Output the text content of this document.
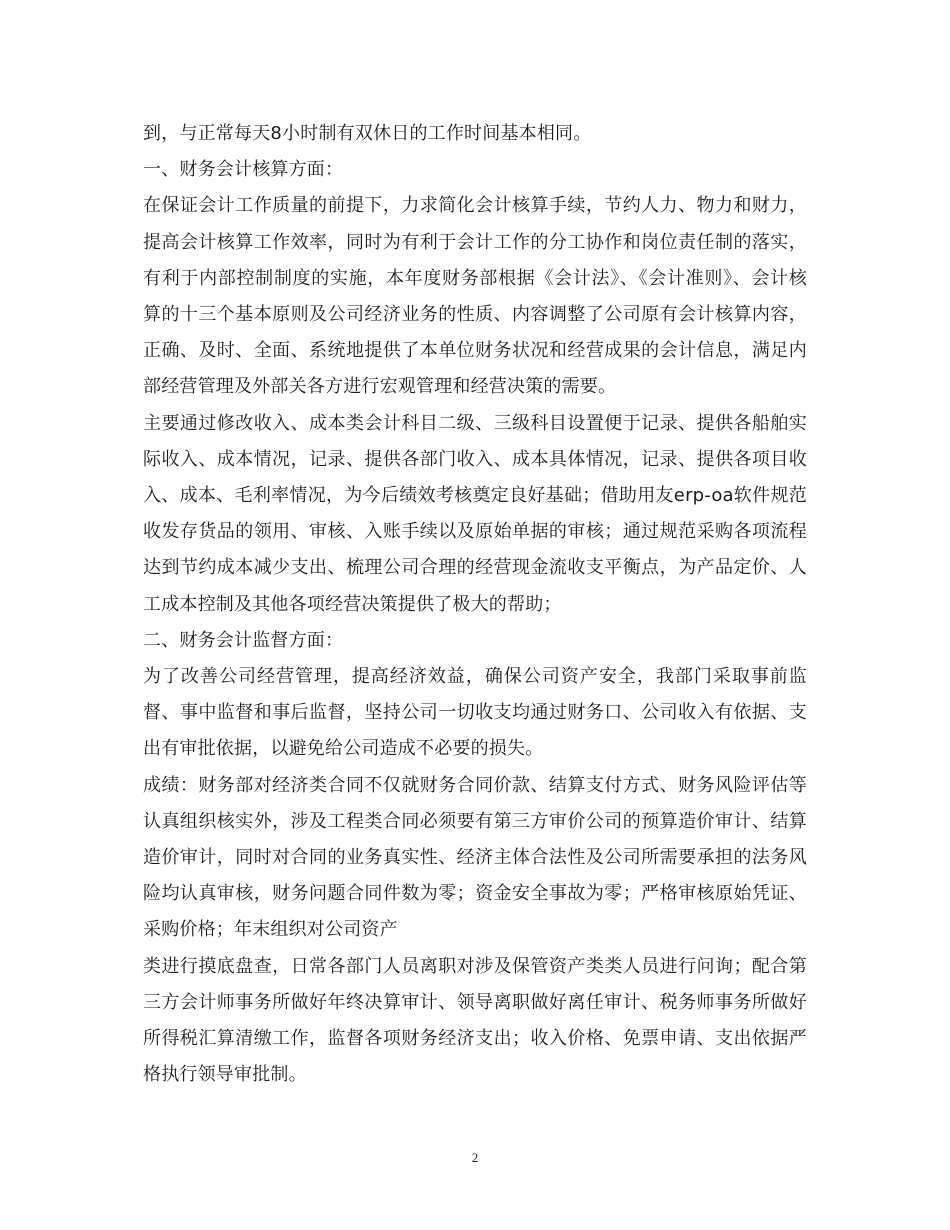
到，与正常每天8小时制有双休日的工作时间基本相同。

一、财务会计核算方面：

在保证会计工作质量的前提下，力求简化会计核算手续，节约人力、物力和财力，提高会计核算工作效率，同时为有利于会计工作的分工协作和岗位责任制的落实，有利于内部控制制度的实施，本年度财务部根据《会计法》、《会计准则》、会计核算的十三个基本原则及公司经济业务的性质、内容调整了公司原有会计核算内容，正确、及时、全面、系统地提供了本单位财务状况和经营成果的会计信息，满足内部经营管理及外部关各方进行宏观管理和经营决策的需要。

主要通过修改收入、成本类会计科目二级、三级科目设置便于记录、提供各船舶实际收入、成本情况，记录、提供各部门收入、成本具体情况，记录、提供各项目收入、成本、毛利率情况，为今后绩效考核奠定良好基础；借助用友erp-oa软件规范收发存货品的领用、审核、入账手续以及原始单据的审核；通过规范采购各项流程达到节约成本减少支出、梳理公司合理的经营现金流收支平衡点，为产品定价、人工成本控制及其他各项经营决策提供了极大的帮助；

二、财务会计监督方面：

为了改善公司经营管理，提高经济效益，确保公司资产安全，我部门采取事前监督、事中监督和事后监督，坚持公司一切收支均通过财务口、公司收入有依据、支出有审批依据，以避免给公司造成不必要的损失。

成绩：财务部对经济类合同不仅就财务合同价款、结算支付方式、财务风险评估等认真组织核实外，涉及工程类合同必须要有第三方审价公司的预算造价审计、结算造价审计，同时对合同的业务真实性、经济主体合法性及公司所需要承担的法务风险均认真审核，财务问题合同件数为零；资金安全事故为零；严格审核原始凭证、采购价格；年末组织对公司资产

类进行摸底盘查，日常各部门人员离职对涉及保管资产类类人员进行问询；配合第三方会计师事务所做好年终决算审计、领导离职做好离任审计、税务师事务所做好所得税汇算清缴工作，监督各项财务经济支出；收入价格、免票申请、支出依据严格执行领导审批制。

2
